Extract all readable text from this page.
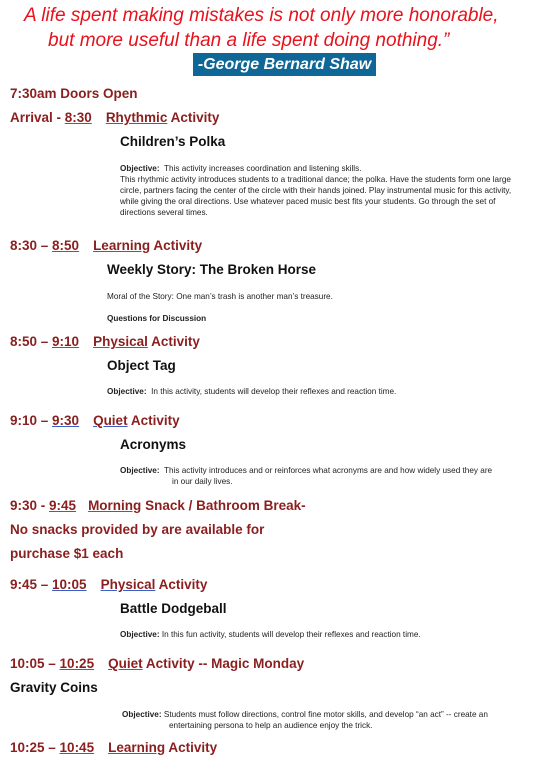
A life spent making mistakes is not only more honorable,
but more useful than a life spent doing nothing.”
-George Bernard Shaw
7:30am Doors Open
Arrival - 8:30 Rhythmic Activity
Children’s Polka
Objective: This activity increases coordination and listening skills.
This rhythmic activity introduces students to a traditional dance; the polka. Have the students form one large circle, partners facing the center of the circle with their hands joined. Play instrumental music for this activity, while giving the oral directions. Use whatever paced music best fits your students. Go through the set of directions several times.
8:30 – 8:50 Learning Activity
Weekly Story: The Broken Horse
Moral of the Story: One man’s trash is another man’s treasure.
Questions for Discussion
8:50 – 9:10 Physical Activity
Object Tag
Objective: In this activity, students will develop their reflexes and reaction time.
9:10 – 9:30 Quiet Activity
Acronyms
Objective: This activity introduces and or reinforces what acronyms are and how widely used they are
in our daily lives.
9:30 - 9:45 Morning Snack / Bathroom Break-
No snacks provided by are available for
purchase $1 each
9:45 – 10:05 Physical Activity
Battle Dodgeball
Objective: In this fun activity, students will develop their reflexes and reaction time.
10:05 – 10:25 Quiet Activity -- Magic Monday
Gravity Coins
Objective: Students must follow directions, control fine motor skills, and develop “an act” -- create an
entertaining persona to help an audience enjoy the trick.
10:25 – 10:45 Learning Activity
